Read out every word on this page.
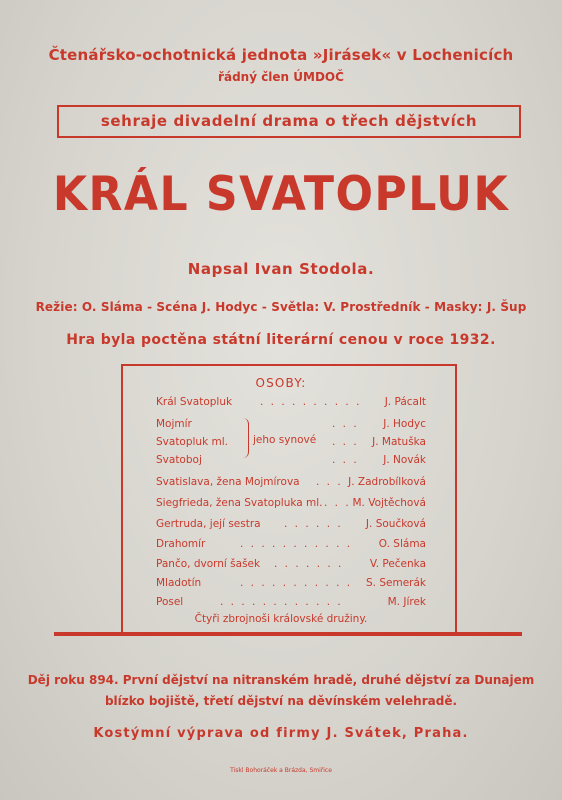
Čtenářsko-ochotnická jednota »Jirásek« v Lochenicích
řádný člen ÚMDOČ
sehraje divadelní drama o třech dějstvích
KRÁL SVATOPLUK
Napsal Ivan Stodola.
Režie: O. Sláma - Scéna J. Hodyc - Světla: V. Prostředník - Masky: J. Šup
Hra byla poctěna státní literární cenou v roce 1932.
OSOBY:
Král Svatopluk	. . . . . . . . . . J. Pácalt
Mojmír	. . . J. Hodyc
Svatopluk ml.	. . . J. Matuška
Svatoboj	. . . J. Novák
Svatislava, žena Mojmírova . . . J. Zadrobílková
Siegfrieda, žena Svatopluka ml. . . . M. Vojtěchová
Gertruda, její sestra . . . . . . J. Součková
Drahomír	. . . . . . . . . . .	O. Sláma
Pančo, dvorní šašek . . . . . . .	V. Pečenka
Mladotín	. . . . . . . . . . . S. Semerák
Posel	. . . . . . . . . . . .	M. Jírek
jeho synové
Čtyři zbrojnoši královské družiny.
Děj roku 894. První dějství na nitranském hradě, druhé dějství za Dunajem
blízko bojiště, třetí dějství na děvínském velehradě.
Kostýmní výprava od firmy J. Svátek, Praha.
Tiskl Bohoráček a Brázda, Smiřice
